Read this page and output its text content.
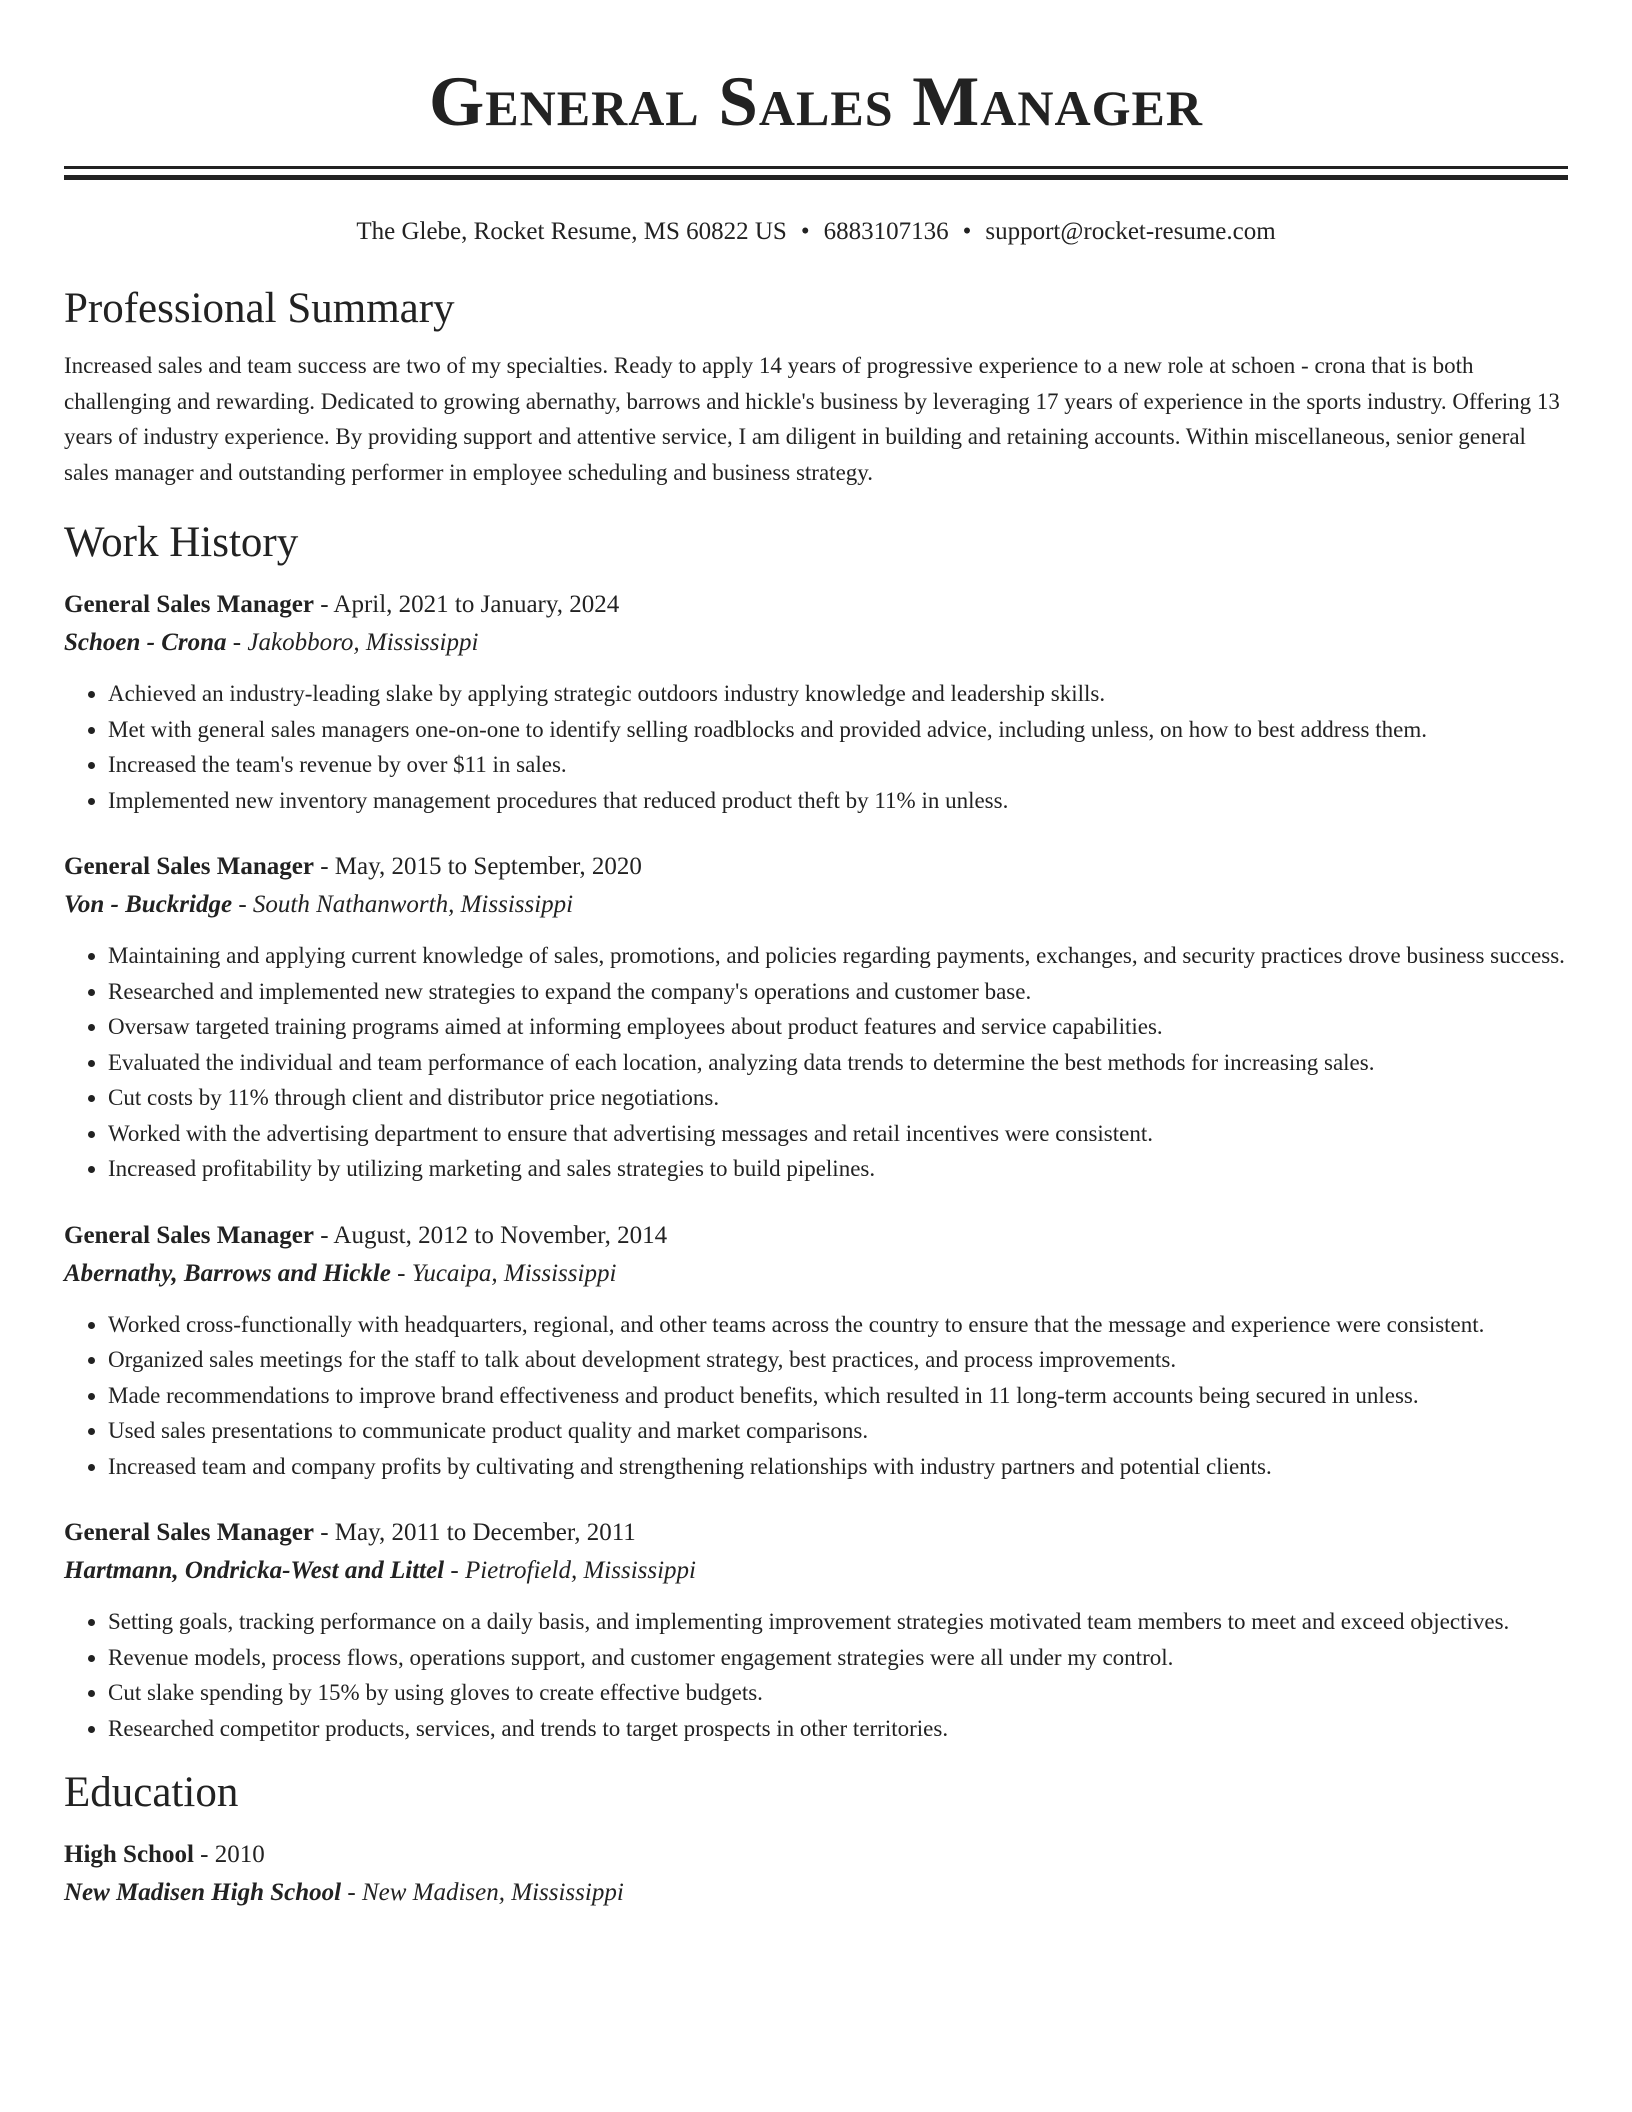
General Sales Manager
The Glebe, Rocket Resume, MS 60822 US • 6883107136 • support@rocket-resume.com
Professional Summary

Increased sales and team success are two of my specialties. Ready to apply 14 years of progressive experience to a new role at schoen - crona that is both challenging and rewarding. Dedicated to growing abernathy, barrows and hickle's business by leveraging 17 years of experience in the sports industry. Offering 13 years of industry experience. By providing support and attentive service, I am diligent in building and retaining accounts. Within miscellaneous, senior general sales manager and outstanding performer in employee scheduling and business strategy.

Work History
General Sales Manager - April, 2021 to January, 2024
Schoen - Crona - Jakobboro, Mississippi
• Achieved an industry-leading slake by applying strategic outdoors industry knowledge and leadership skills.
• Met with general sales managers one-on-one to identify selling roadblocks and provided advice, including unless, on how to best address them.
• Increased the team's revenue by over $11 in sales.
• Implemented new inventory management procedures that reduced product theft by 11% in unless.
General Sales Manager - May, 2015 to September, 2020
Von - Buckridge - South Nathanworth, Mississippi
• Maintaining and applying current knowledge of sales, promotions, and policies regarding payments, exchanges, and security practices drove business success.
• Researched and implemented new strategies to expand the company's operations and customer base.
• Oversaw targeted training programs aimed at informing employees about product features and service capabilities.
• Evaluated the individual and team performance of each location, analyzing data trends to determine the best methods for increasing sales.
• Cut costs by 11% through client and distributor price negotiations.
• Worked with the advertising department to ensure that advertising messages and retail incentives were consistent.
• Increased profitability by utilizing marketing and sales strategies to build pipelines.
General Sales Manager - August, 2012 to November, 2014
Abernathy, Barrows and Hickle - Yucaipa, Mississippi
• Worked cross-functionally with headquarters, regional, and other teams across the country to ensure that the message and experience were consistent.
• Organized sales meetings for the staff to talk about development strategy, best practices, and process improvements.
• Made recommendations to improve brand effectiveness and product benefits, which resulted in 11 long-term accounts being secured in unless.
• Used sales presentations to communicate product quality and market comparisons.
• Increased team and company profits by cultivating and strengthening relationships with industry partners and potential clients.
General Sales Manager - May, 2011 to December, 2011
Hartmann, Ondricka-West and Littel - Pietrofield, Mississippi
• Setting goals, tracking performance on a daily basis, and implementing improvement strategies motivated team members to meet and exceed objectives.
• Revenue models, process flows, operations support, and customer engagement strategies were all under my control.
• Cut slake spending by 15% by using gloves to create effective budgets.
• Researched competitor products, services, and trends to target prospects in other territories.
Education
High School - 2010
New Madisen High School - New Madisen, Mississippi
